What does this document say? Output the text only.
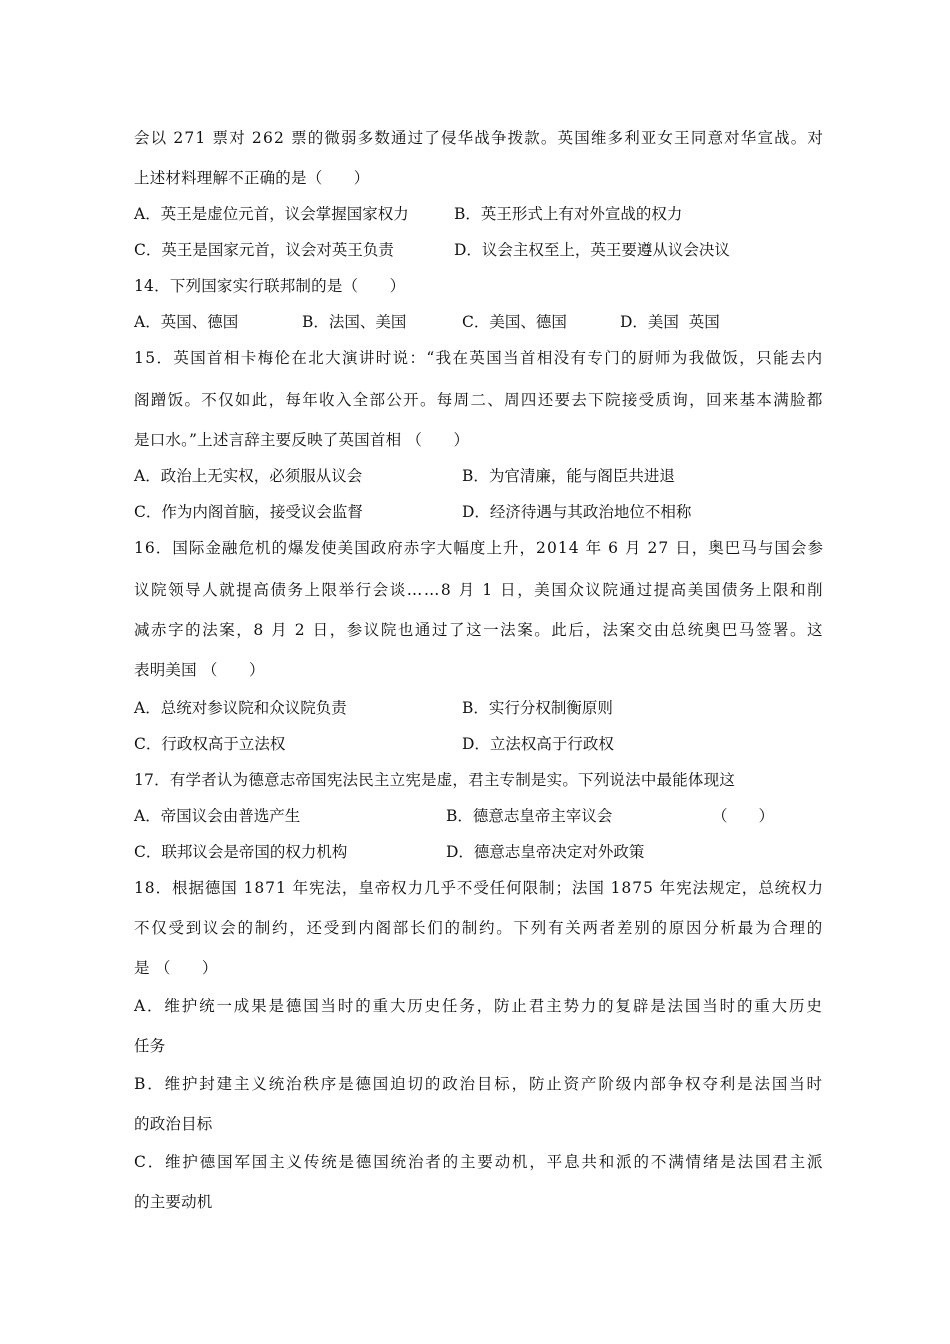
会以 271 票对 262 票的微弱多数通过了侵华战争拨款。英国维多利亚女王同意对华宣战。对
上述材料理解不正确的是（　　）
A．英王是虚位元首，议会掌握国家权力	B．英王形式上有对外宣战的权力
C．英王是国家元首，议会对英王负责	D．议会主权至上，英王要遵从议会决议
14．下列国家实行联邦制的是（　　）
A．英国、德国	B．法国、美国	C．美国、德国	D．美国  英国
15．英国首相卡梅伦在北大演讲时说：“我在英国当首相没有专门的厨师为我做饭，只能去内
阁蹭饭。不仅如此，每年收入全部公开。每周二、周四还要去下院接受质询，回来基本满脸都
是口水。”上述言辞主要反映了英国首相 （　　）
A．政治上无实权，必须服从议会	B．为官清廉，能与阁臣共进退
C．作为内阁首脑，接受议会监督	D．经济待遇与其政治地位不相称
16．国际金融危机的爆发使美国政府赤字大幅度上升，2014 年 6 月 27 日，奥巴马与国会参
议院领导人就提高债务上限举行会谈……8 月 1 日，美国众议院通过提高美国债务上限和削
减赤字的法案，8 月 2 日，参议院也通过了这一法案。此后，法案交由总统奥巴马签署。这
表明美国 （　　）
A．总统对参议院和众议院负责	B．实行分权制衡原则
C．行政权高于立法权	D．立法权高于行政权
17．有学者认为德意志帝国宪法民主立宪是虚，君主专制是实。下列说法中最能体现这
A．帝国议会由普选产生	B．德意志皇帝主宰议会	（　　）
C．联邦议会是帝国的权力机构	D．德意志皇帝决定对外政策
18．根据德国 1871 年宪法，皇帝权力几乎不受任何限制；法国 1875 年宪法规定，总统权力
不仅受到议会的制约，还受到内阁部长们的制约。下列有关两者差别的原因分析最为合理的
是 （　　）
A．维护统一成果是德国当时的重大历史任务，防止君主势力的复辟是法国当时的重大历史
任务
B．维护封建主义统治秩序是德国迫切的政治目标，防止资产阶级内部争权夺利是法国当时
的政治目标
C．维护德国军国主义传统是德国统治者的主要动机，平息共和派的不满情绪是法国君主派
的主要动机
